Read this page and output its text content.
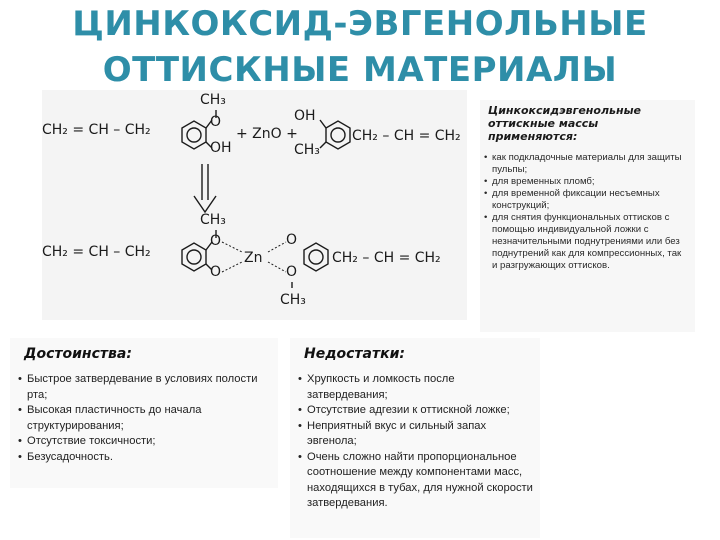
ЦИНКОКСИД-ЭВГЕНОЛЬНЫЕ
ОТТИСКНЫЕ МАТЕРИАЛЫ
CH₃
CH₂ = CH – CH₂	O
OH
+ ZnO +
OH
CH₃
CH₂ – CH = CH₂
CH₃
CH₂ = CH – CH₂
O
O
Zn
O
O
CH₂ – CH = CH₂
CH₃
Цинкоксидэвгенольные оттискные массы применяются:
• как подкладочные материалы для защиты пульпы;
• для временных пломб;
• для временной фиксации несъемных конструкций;
• для снятия функциональных оттисков с помощью индивидуальной ложки с незначительными поднутрениями или без поднутрений как для компрессионных, так и разгружающих оттисков.
Достоинства:
• Быстрое затвердевание в условиях полости рта;
• Высокая пластичность до начала структурирования;
• Отсутствие токсичности;
• Безусадочность.
Недостатки:
• Хрупкость и ломкость после затвердевания;
• Отсутствие адгезии к оттискной ложке;
• Неприятный вкус и сильный запах эвгенола;
• Очень сложно найти пропорциональное соотношение между компонентами масс, находящихся в тубах, для нужной скорости затвердевания.
